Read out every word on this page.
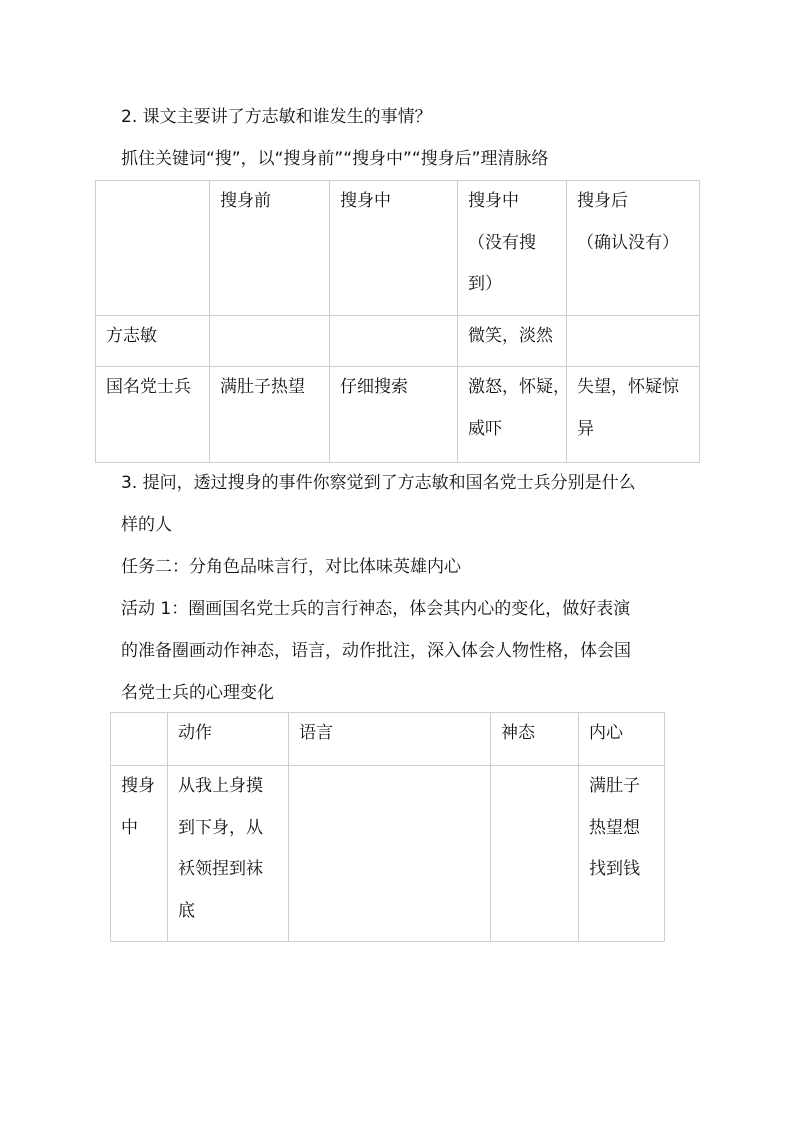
2. 课文主要讲了方志敏和谁发生的事情？
抓住关键词“搜”，以“搜身前”“搜身中”“搜身后”理清脉络

	搜身前	搜身中	搜身中
（没有搜
到）	搜身后
（确认没有）

方志敏			微笑，淡然	

国名党士兵	满肚子热望	仔细搜索	激怒，怀疑，
威吓	失望，怀疑惊
异
3. 提问，透过搜身的事件你察觉到了方志敏和国名党士兵分别是什么
样的人
任务二：分角色品味言行，对比体味英雄内心
活动 1：圈画国名党士兵的言行神态，体会其内心的变化，做好表演
的准备圈画动作神态，语言，动作批注，深入体会人物性格，体会国
名党士兵的心理变化

	动作	语言	神态	内心

搜身
中	从我上身摸
到下身，从
袄领捏到袜
底			满肚子
热望想
找到钱
